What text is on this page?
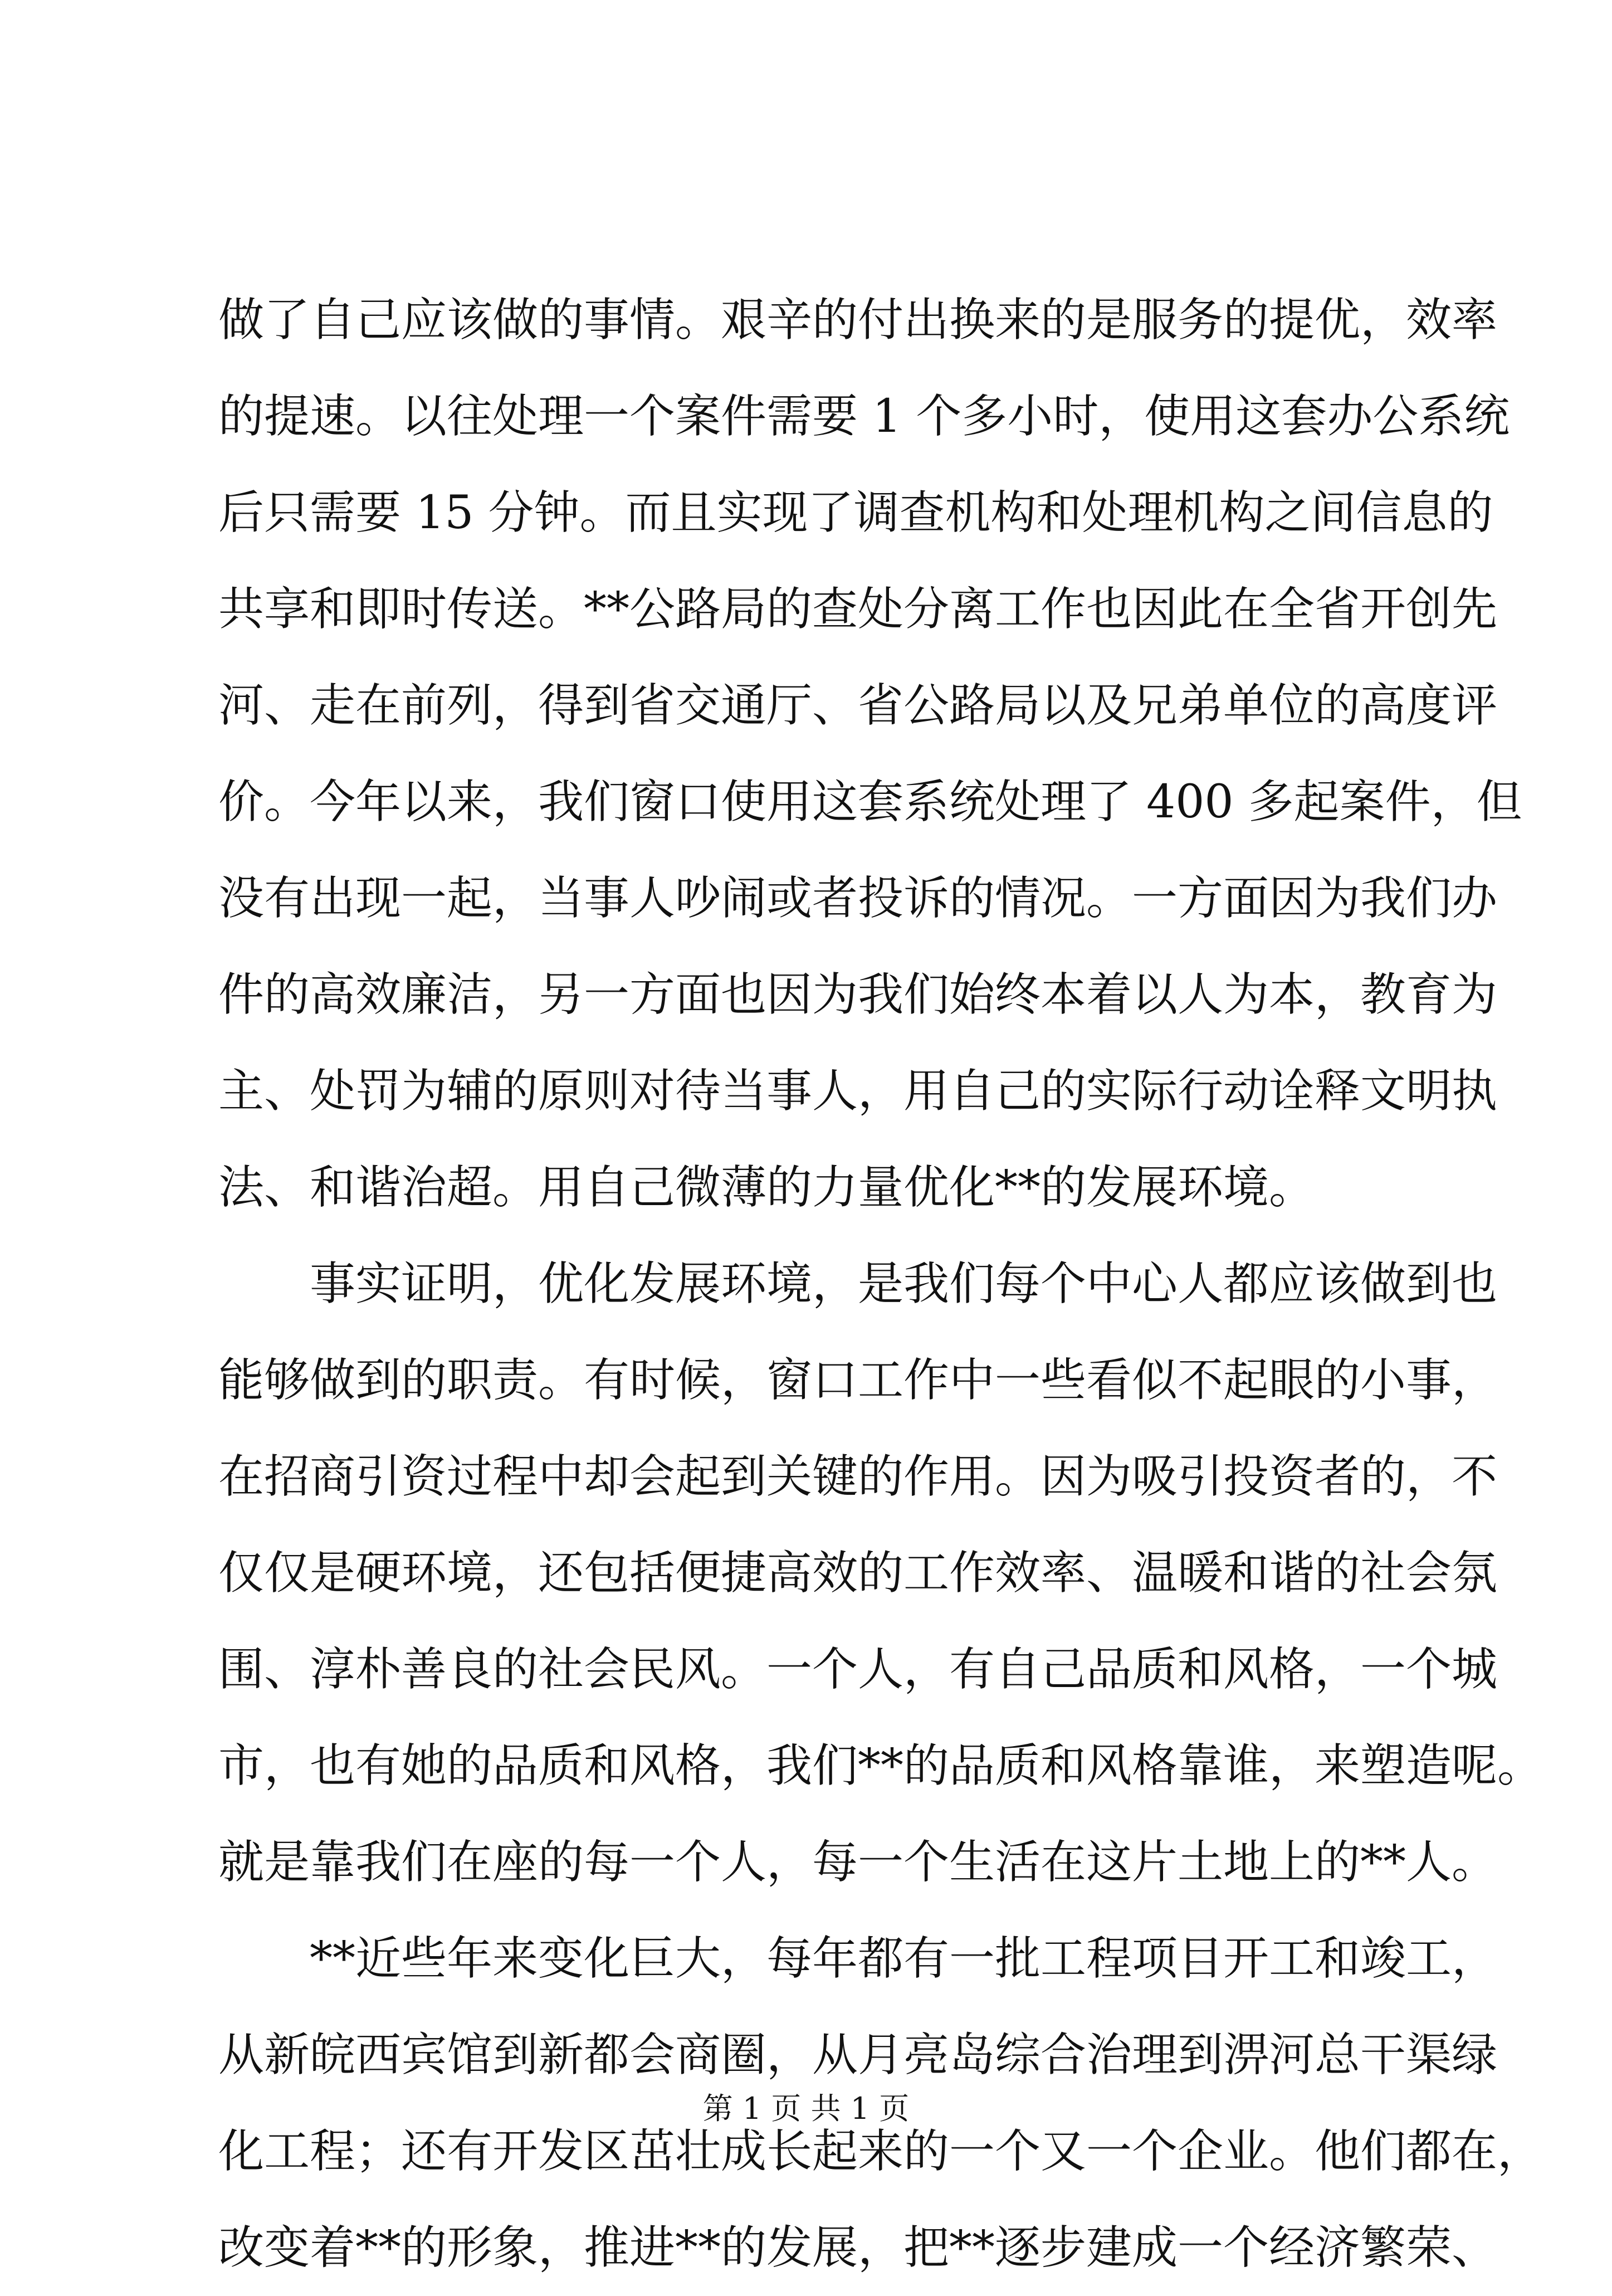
做了自己应该做的事情。艰辛的付出换来的是服务的提优，效率
的提速。以往处理一个案件需要 1 个多小时，使用这套办公系统
后只需要 15 分钟。而且实现了调查机构和处理机构之间信息的
共享和即时传送。**公路局的查处分离工作也因此在全省开创先
河、走在前列，得到省交通厅、省公路局以及兄弟单位的高度评
价。今年以来，我们窗口使用这套系统处理了 400 多起案件，但
没有出现一起，当事人吵闹或者投诉的情况。一方面因为我们办
件的高效廉洁，另一方面也因为我们始终本着以人为本，教育为
主、处罚为辅的原则对待当事人，用自己的实际行动诠释文明执
法、和谐治超。用自己微薄的力量优化**的发展环境。
事实证明，优化发展环境，是我们每个中心人都应该做到也
能够做到的职责。有时候，窗口工作中一些看似不起眼的小事，
在招商引资过程中却会起到关键的作用。因为吸引投资者的，不
仅仅是硬环境，还包括便捷高效的工作效率、温暖和谐的社会氛
围、淳朴善良的社会民风。一个人，有自己品质和风格，一个城
市，也有她的品质和风格，我们**的品质和风格靠谁，来塑造呢。
就是靠我们在座的每一个人，每一个生活在这片土地上的**人。
**近些年来变化巨大，每年都有一批工程项目开工和竣工，
从新皖西宾馆到新都会商圈，从月亮岛综合治理到淠河总干渠绿
化工程；还有开发区茁壮成长起来的一个又一个企业。他们都在，
改变着**的形象，推进**的发展，把**逐步建成一个经济繁荣、
第 1 页 共 1 页
